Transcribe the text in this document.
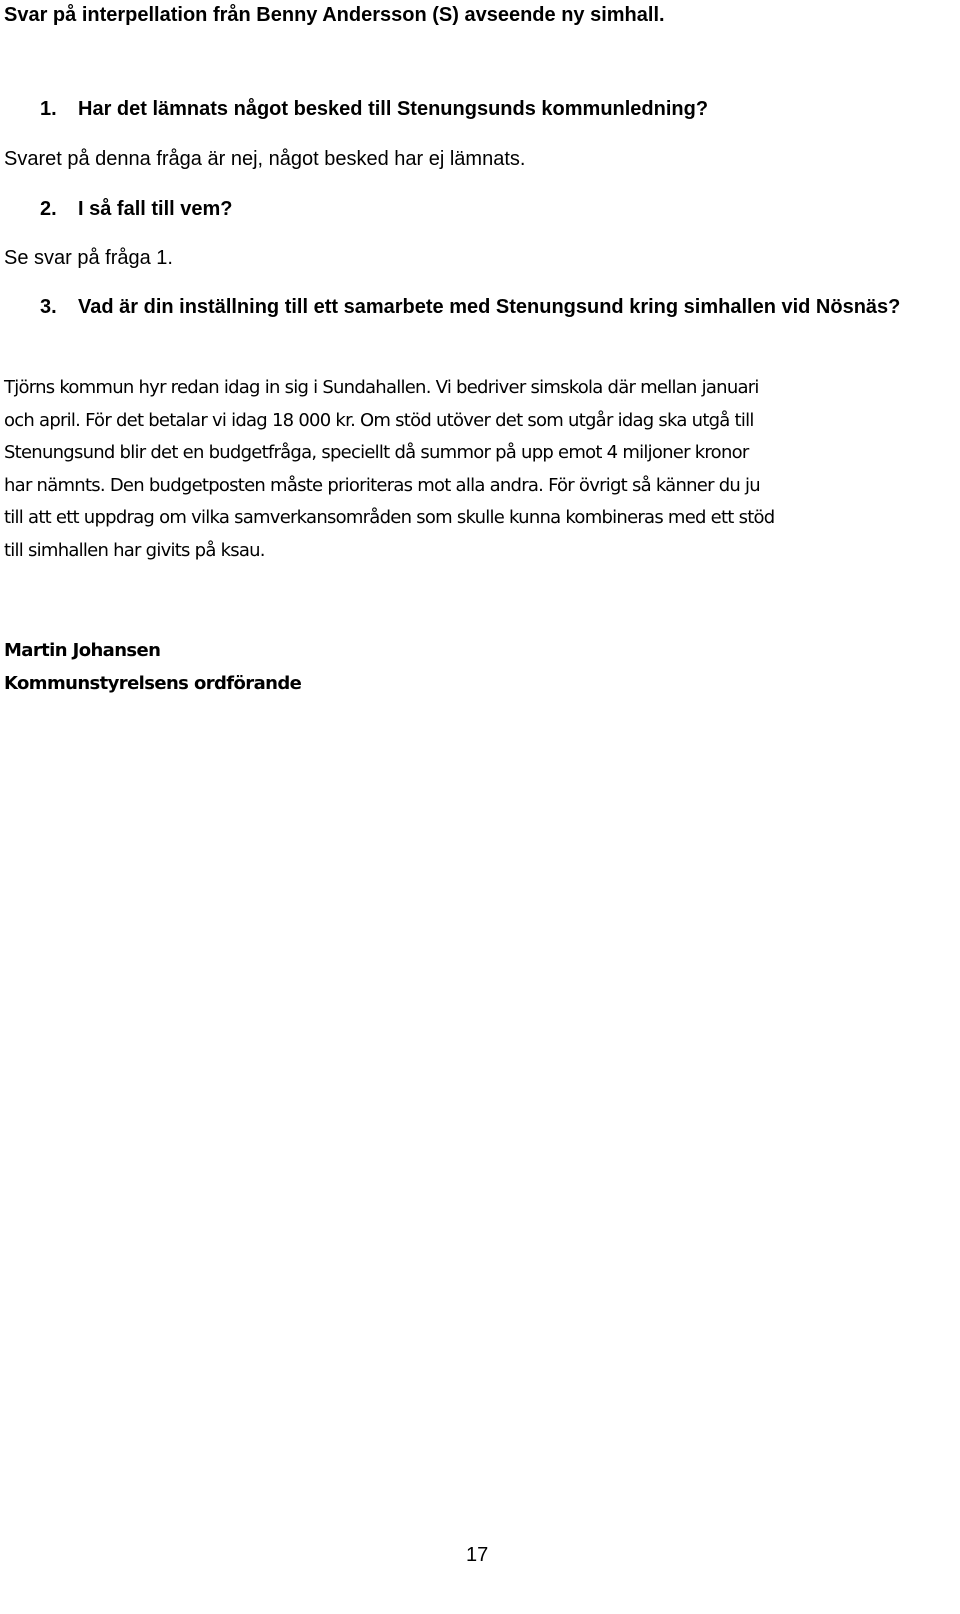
Svar på interpellation från Benny Andersson (S) avseende ny simhall.
1. Har det lämnats något besked till Stenungsunds kommunledning?
Svaret på denna fråga är nej, något besked har ej lämnats.
2. I så fall till vem?
Se svar på fråga 1.
3. Vad är din inställning till ett samarbete med Stenungsund kring simhallen vid Nösnäs?
Tjörns kommun hyr redan idag in sig i Sundahallen. Vi bedriver simskola där mellan januari
och april. För det betalar vi idag 18 000 kr. Om stöd utöver det som utgår idag ska utgå till
Stenungsund blir det en budgetfråga, speciellt då summor på upp emot 4 miljoner kronor
har nämnts. Den budgetposten måste prioriteras mot alla andra. För övrigt så känner du ju
till att ett uppdrag om vilka samverkansområden som skulle kunna kombineras med ett stöd
till simhallen har givits på ksau.
Martin Johansen
Kommunstyrelsens ordförande
17
